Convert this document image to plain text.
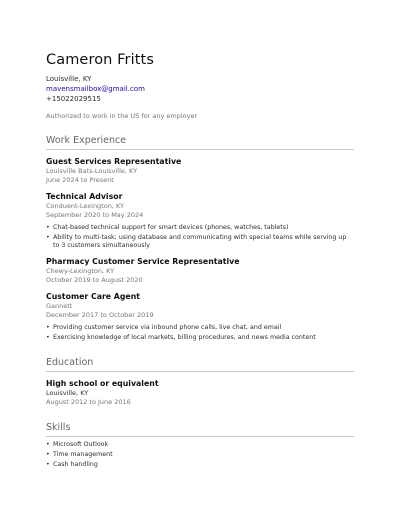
Cameron Fritts
Louisville, KY
mavensmailbox@gmail.com
+15022029515
Authorized to work in the US for any employer
Work Experience
Guest Services Representative
Louisville Bats-Louisville, KY
June 2024 to Present
Technical Advisor
Conduent-Lexington, KY
September 2020 to May 2024
• Chat-based technical support for smart devices (phones, watches, tablets)
• Ability to multi-task; using database and communicating with special teams while serving up to 3 customers simultaneously
Pharmacy Customer Service Representative
Chewy-Lexington, KY
October 2019 to August 2020
Customer Care Agent
Gannett
December 2017 to October 2019
• Providing customer service via inbound phone calls, live chat, and email
• Exercising knowledge of local markets, billing procedures, and news media content
Education
High school or equivalent
Louisville, KY
August 2012 to June 2016
Skills
• Microsoft Outlook
• Time management
• Cash handling
